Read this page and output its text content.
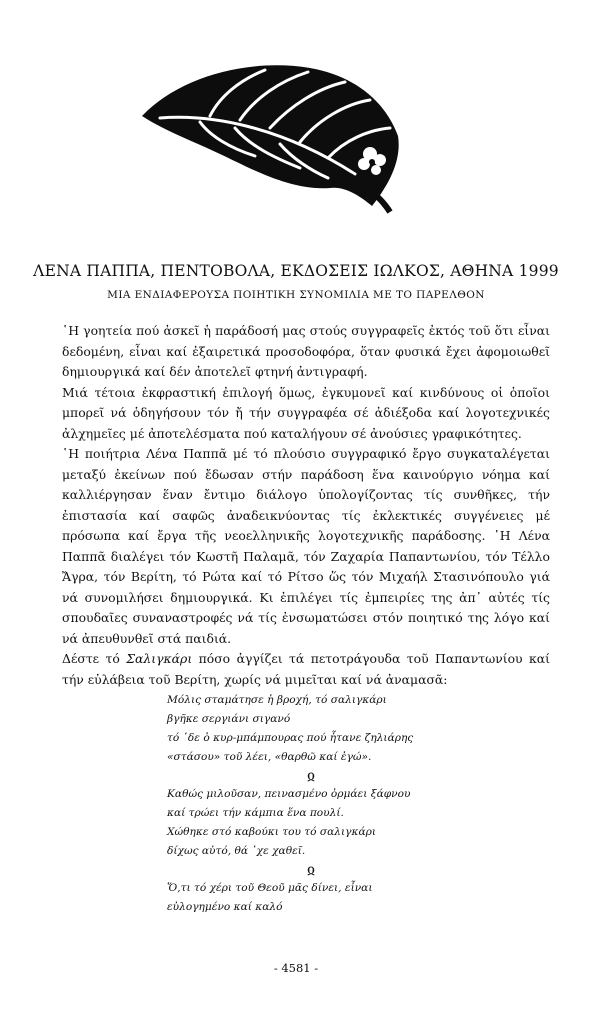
ΛΕΝΑ ΠΑΠΠΑ, ΠΕΝΤΟΒΟΛΑ, ΕΚΔΟΣΕΙΣ ΙΩΛΚΟΣ, ΑΘΗΝΑ 1999
ΜΙΑ ΕΝΔΙΑΦΕΡΟΥΣΑ ΠΟΙΗΤΙΚΗ ΣΥΝΟΜΙΛΙΑ ΜΕ ΤΟ ΠΑΡΕΛΘΟΝ

῾Η γοητεία πού ἀσκεῖ ἡ παράδοσή μας στούς συγγραφεῖς ἐκτός τοῦ ὅτι εἶναι δεδομένη, εἶναι καί ἐξαιρετικά προσοδοφόρα, ὅταν φυσικά ἔχει ἀφομοιωθεῖ δημιουργικά καί δέν ἀποτελεῖ φτηνή ἀντιγραφή.

Μιά τέτοια ἐκφραστική ἐπιλογή ὅμως, ἐγκυμονεῖ καί κινδύνους οἱ ὁποῖοι μπορεῖ νά ὁδηγήσουν τόν ἤ τήν συγγραφέα σέ ἀδιέξοδα καί λογοτεχνικές ἀλχημεῖες μέ ἀποτελέσματα πού καταλήγουν σέ ἀνούσιες γραφικότητες.

῾Η ποιήτρια Λένα Παππᾶ μέ τό πλούσιο συγγραφικό ἔργο συγκαταλέγεται μεταξύ ἐκείνων πού ἔδωσαν στήν παράδοση ἕνα καινούργιο νόημα καί καλλιέργησαν ἕναν ἔντιμο διάλογο ὑπολογίζοντας τίς συνθῆκες, τήν ἐπιστασία καί σαφῶς ἀναδεικνύοντας τίς ἐκλεκτικές συγγένειες μέ πρόσωπα καί ἔργα τῆς νεοελληνικῆς λογοτεχνικῆς παράδοσης. ῾Η Λένα Παππᾶ διαλέγει τόν Κωστῆ Παλαμᾶ, τόν Ζαχαρία Παπαντωνίου, τόν Τέλλο Ἄγρα, τόν Βερίτη, τό Ρώτα καί τό Ρίτσο ὥς τόν Μιχαήλ Στασινόπουλο γιά νά συνομιλήσει δημιουργικά. Κι ἐπιλέγει τίς ἐμπειρίες της ἀπ᾽ αὐτές τίς σπουδαῖες συναναστροφές νά τίς ἐνσωματώσει στόν ποιητικό της λόγο καί νά ἀπευθυνθεῖ στά παιδιά.

Δέστε τό Σαλιγκάρι πόσο ἀγγίζει τά πετοτράγουδα τοῦ Παπαντωνίου καί τήν εὐλάβεια τοῦ Βερίτη, χωρίς νά μιμεῖται καί νά ἀναμασᾶ:

Μόλις σταμάτησε ἡ βροχή, τό σαλιγκάρι
βγῆκε σεργιάνι σιγανό
τό ῾δε ὁ κυρ-μπάμπουρας πού ἦτανε ζηλιάρης
«στάσου» τοῦ λέει, «θαρθῶ καί ἐγώ».
ჲ
Καθώς μιλοῦσαν, πεινασμένο ὁρμάει ξάφνου
καί τρώει τήν κάμπια ἕνα πουλί.
Χώθηκε στό καβούκι του τό σαλιγκάρι
δίχως αὐτό, θά ῾χε χαθεῖ.
ჲ
Ὅ,τι τό χέρι τοῦ Θεοῦ μᾶς δίνει, εἶναι
εὐλογημένο καί καλό
- 4581 -
